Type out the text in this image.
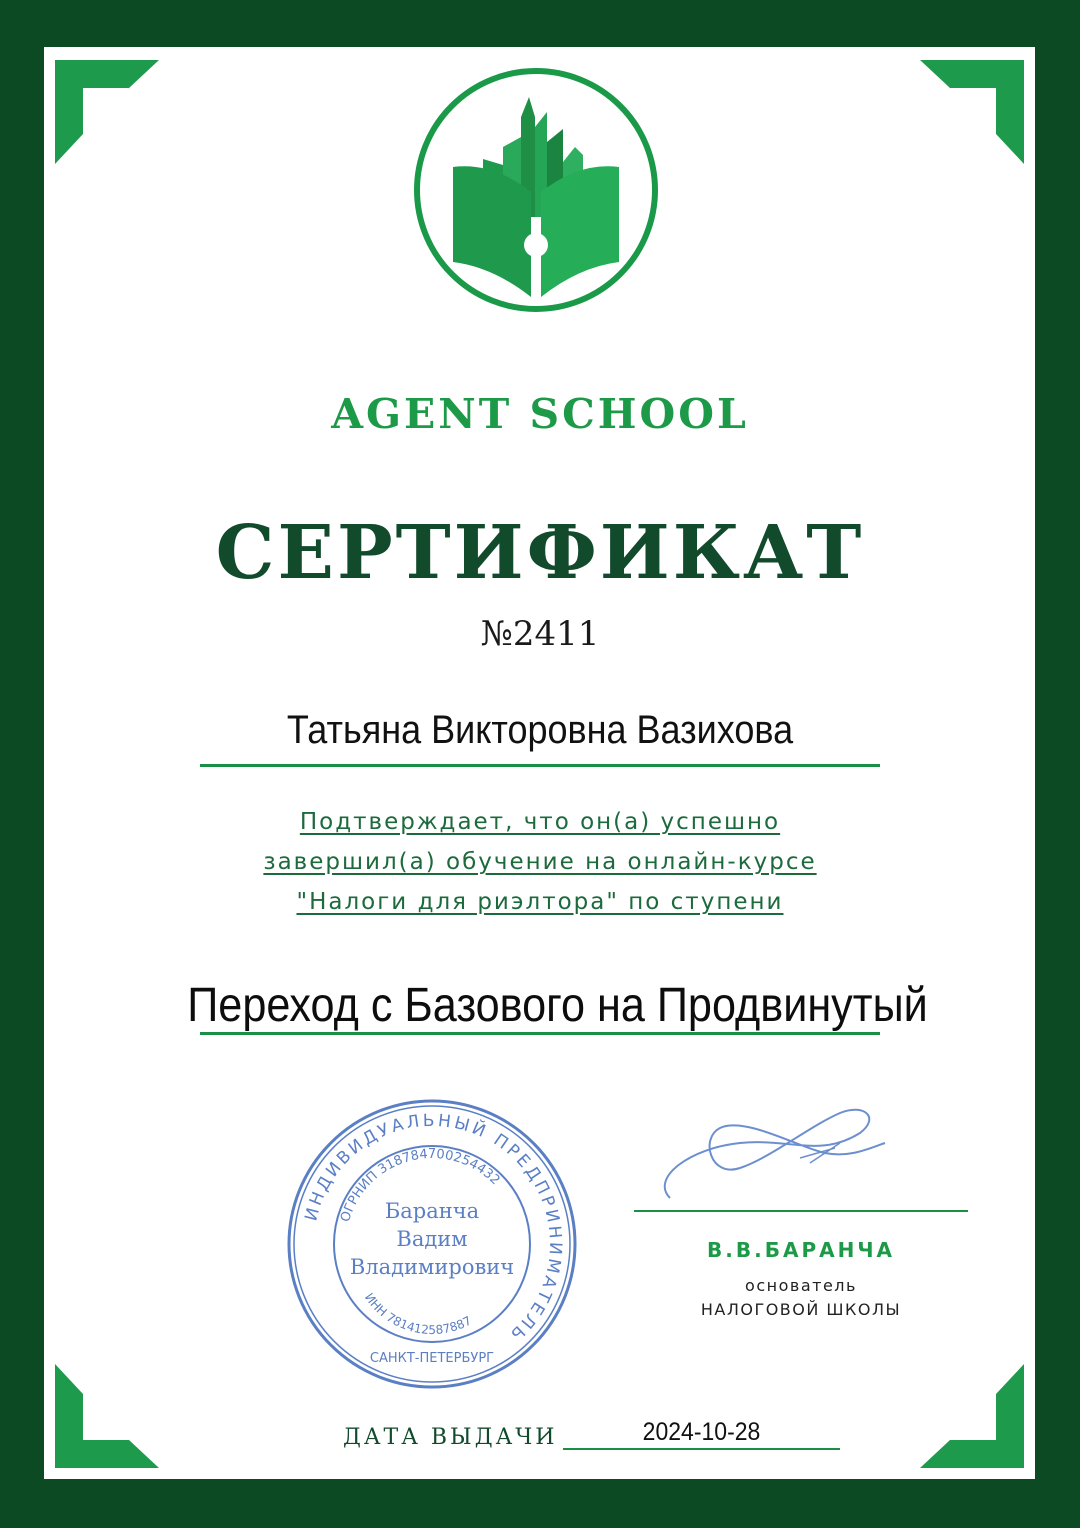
AGENT SCHOOL
СЕРТИФИКАТ
№2411
Татьяна Викторовна Вазихова
Подтверждает, что он(а) успешно
завершил(а) обучение на онлайн-курсе
"Налоги для риэлтора" по ступени
Переход с Базового на Продвинутый
ИНДИВИДУАЛЬНЫЙ ПРЕДПРИНИМАТЕЛЬ
ОГРНИП 318784700254432
ИНН 781412587887
Баранча
Вадим
Владимирович
САНКТ-ПЕТЕРБУРГ
В.В.БАРАНЧА
основатель
НАЛОГОВОЙ ШКОЛЫ
ДАТА ВЫДАЧИ	2024-10-28
